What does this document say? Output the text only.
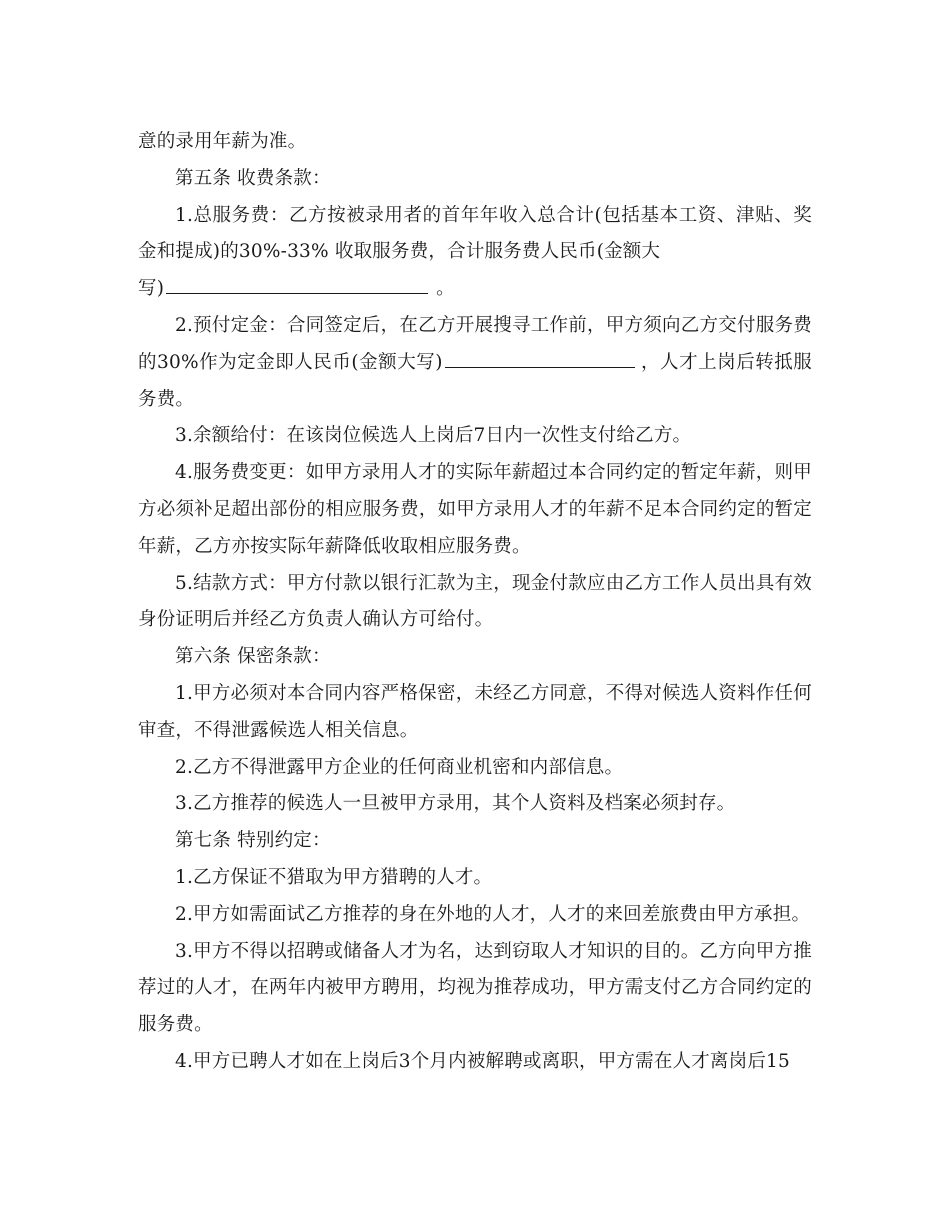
意的录用年薪为准。

第五条 收费条款：

1.总服务费：乙方按被录用者的首年年收入总合计(包括基本工资、津贴、奖金和提成)的30%-33% 收取服务费，合计服务费人民币(金额大

写)	。

2.预付定金：合同签定后，在乙方开展搜寻工作前，甲方须向乙方交付服务费的30%作为定金即人民币(金额大写)	，人才上岗后转抵服务费。

3.余额给付：在该岗位候选人上岗后7日内一次性支付给乙方。

4.服务费变更：如甲方录用人才的实际年薪超过本合同约定的暂定年薪，则甲方必须补足超出部份的相应服务费，如甲方录用人才的年薪不足本合同约定的暂定年薪，乙方亦按实际年薪降低收取相应服务费。

5.结款方式：甲方付款以银行汇款为主，现金付款应由乙方工作人员出具有效身份证明后并经乙方负责人确认方可给付。

第六条 保密条款：

1.甲方必须对本合同内容严格保密，未经乙方同意，不得对候选人资料作任何审查，不得泄露候选人相关信息。

2.乙方不得泄露甲方企业的任何商业机密和内部信息。

3.乙方推荐的候选人一旦被甲方录用，其个人资料及档案必须封存。

第七条 特别约定：

1.乙方保证不猎取为甲方猎聘的人才。

2.甲方如需面试乙方推荐的身在外地的人才，人才的来回差旅费由甲方承担。

3.甲方不得以招聘或储备人才为名，达到窃取人才知识的目的。乙方向甲方推荐过的人才，在两年内被甲方聘用，均视为推荐成功，甲方需支付乙方合同约定的服务费。

4.甲方已聘人才如在上岗后3个月内被解聘或离职，甲方需在人才离岗后15
